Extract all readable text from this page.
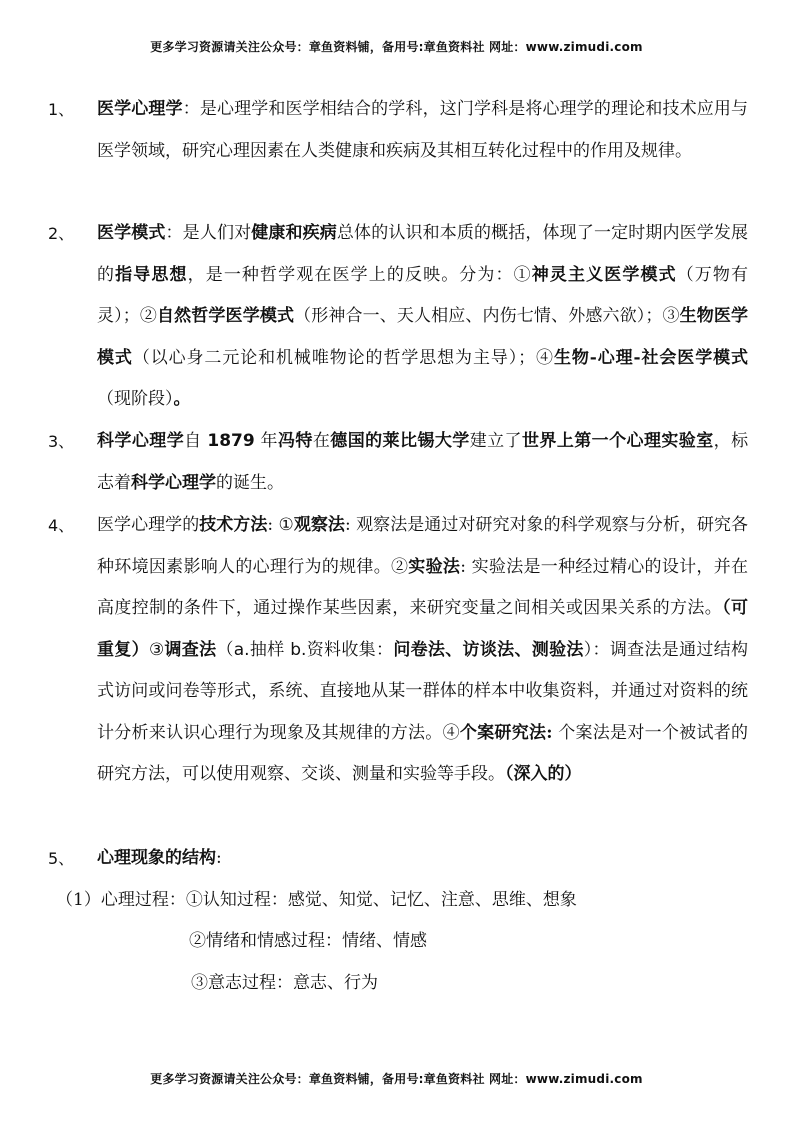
更多学习资源请关注公众号：章鱼资料铺，备用号:章鱼资料社 网址：www.zimudi.com
1、 医学心理学：是心理学和医学相结合的学科，这门学科是将心理学的理论和技术应用与医学领域，研究心理因素在人类健康和疾病及其相互转化过程中的作用及规律。
2、 医学模式：是人们对健康和疾病总体的认识和本质的概括，体现了一定时期内医学发展的指导思想，是一种哲学观在医学上的反映。分为：①神灵主义医学模式（万物有灵）；②自然哲学医学模式（形神合一、天人相应、内伤七情、外感六欲）；③生物医学模式（以心身二元论和机械唯物论的哲学思想为主导）；④生物-心理-社会医学模式（现阶段）。
3、 科学心理学自 1879 年冯特在德国的莱比锡大学建立了世界上第一个心理实验室，标志着科学心理学的诞生。
4、 医学心理学的技术方法: ①观察法: 观察法是通过对研究对象的科学观察与分析，研究各种环境因素影响人的心理行为的规律。②实验法: 实验法是一种经过精心的设计，并在高度控制的条件下，通过操作某些因素，来研究变量之间相关或因果关系的方法。（可重复）③调查法（a.抽样 b.资料收集：问卷法、访谈法、测验法）：调查法是通过结构式访问或问卷等形式，系统、直接地从某一群体的样本中收集资料，并通过对资料的统计分析来认识心理行为现象及其规律的方法。④个案研究法: 个案法是对一个被试者的研究方法，可以使用观察、交谈、测量和实验等手段。（深入的）
5、 心理现象的结构:
（1）心理过程：①认知过程：感觉、知觉、记忆、注意、思维、想象
②情绪和情感过程：情绪、情感
③意志过程：意志、行为
更多学习资源请关注公众号：章鱼资料铺，备用号:章鱼资料社 网址：www.zimudi.com
